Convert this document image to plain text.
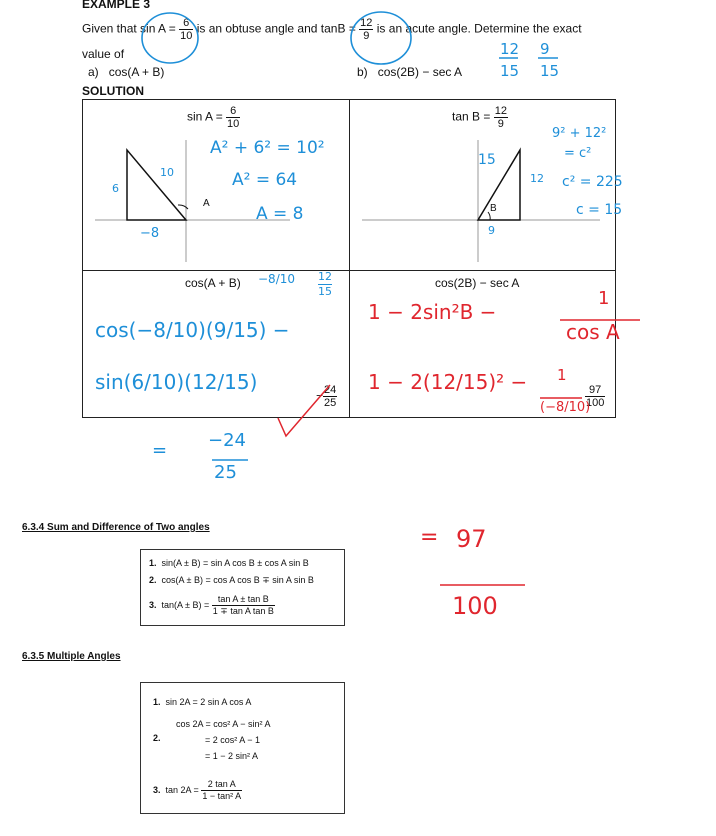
EXAMPLE 3
Given that $\sin A = \frac{6}{10}$ is an obtuse angle and $\tan B = \frac{12}{9}$ is an acute angle. Determine the exact
value of
a) cos(A + B)	b) cos(2B) − sec A
SOLUTION
12
15
9
15
$\sin A = \frac{6}{10}$
A
$\tan B = \frac{12}{9}$
B
cos(A + B)
− $\frac{24}{25}$
cos(2B) − sec A
$\frac{97}{100}$
A² + 6² = 10²
A² = 64
A = 8
10
6
−8
9² + 12²
= c²
c² = 225
c = 15
15
12
9
−8/10 12
15
cos(−8/10)(9/15) −
sin(6/10)(12/15)
= −24
25
1 − 2sin²B −
1
cos A
1 − 2(12/15)² − 1
(−8/10)
= 97
100
6.3.4 Sum and Difference of Two angles
1. sin(A ± B) = sin A cos B ± cos A sin B
2. cos(A ± B) = cos A cos B ∓ sin A sin B
3. $\tan(A \pm B) = \frac{\text{tan A ± tan B}}{\text{1 ∓ tan A tan B}}$
6.3.5 Multiple Angles
1. sin 2A = 2 sin A cos A
2.
cos 2A = cos² A − sin² A
= 2 cos² A − 1
= 1 − 2 sin² A
3. $\tan 2A = \frac{\text{2 tan A}}{\text{1 − tan² A}}$
